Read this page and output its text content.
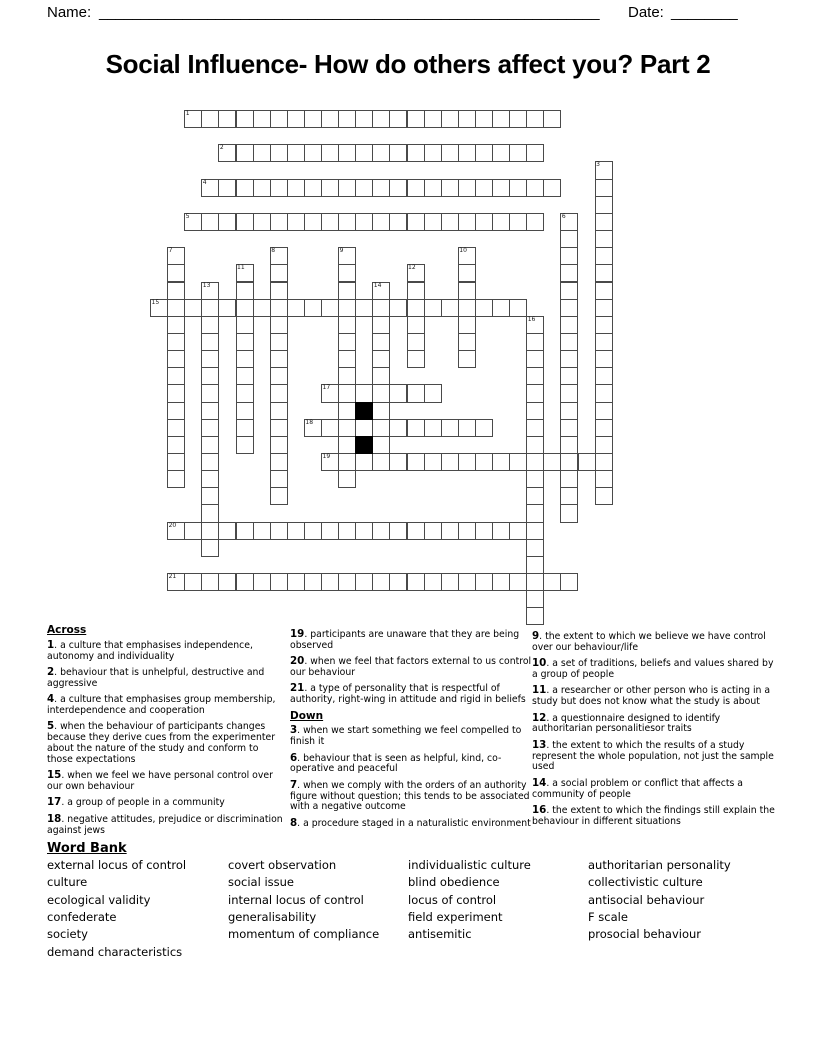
Name: ____________________________________________________________ Date: ________
Social Influence- How do others affect you? Part 2
1
2
3
4
5	6
7	8	9	10
11	12
13	14
15
16
17
18
19
20
21
Across
1. a culture that emphasises independence, autonomy and individuality
2. behaviour that is unhelpful, destructive and aggressive
4. a culture that emphasises group membership, interdependence and cooperation
5. when the behaviour of participants changes because they derive cues from the experimenter about the nature of the study and conform to those expectations
15. when we feel we have personal control over our own behaviour
17. a group of people in a community
18. negative attitudes, prejudice or discrimination against jews
19. participants are unaware that they are being observed
20. when we feel that factors external to us control our behaviour
21. a type of personality that is respectful of authority, right-wing in attitude and rigid in beliefs
Down
3. when we start something we feel compelled to finish it
6. behaviour that is seen as helpful, kind, co-operative and peaceful
7. when we comply with the orders of an authority figure without question; this tends to be associated with a negative outcome
8. a procedure staged in a naturalistic environment
9. the extent to which we believe we have control over our behaviour/life
10. a set of traditions, beliefs and values shared by a group of people
11. a researcher or other person who is acting in a study but does not know what the study is about
12. a questionnaire designed to identify authoritarian personalitiesor traits
13. the extent to which the results of a study represent the whole population, not just the sample used
14. a social problem or conflict that affects a community of people
16. the extent to which the findings still explain the behaviour in different situations
Word Bank
external locus of control
culture
ecological validity
confederate
society
demand characteristics
covert observation
social issue
internal locus of control
generalisability
momentum of compliance
individualistic culture
blind obedience
locus of control
field experiment
antisemitic
authoritarian personality
collectivistic culture
antisocial behaviour
F scale
prosocial behaviour
